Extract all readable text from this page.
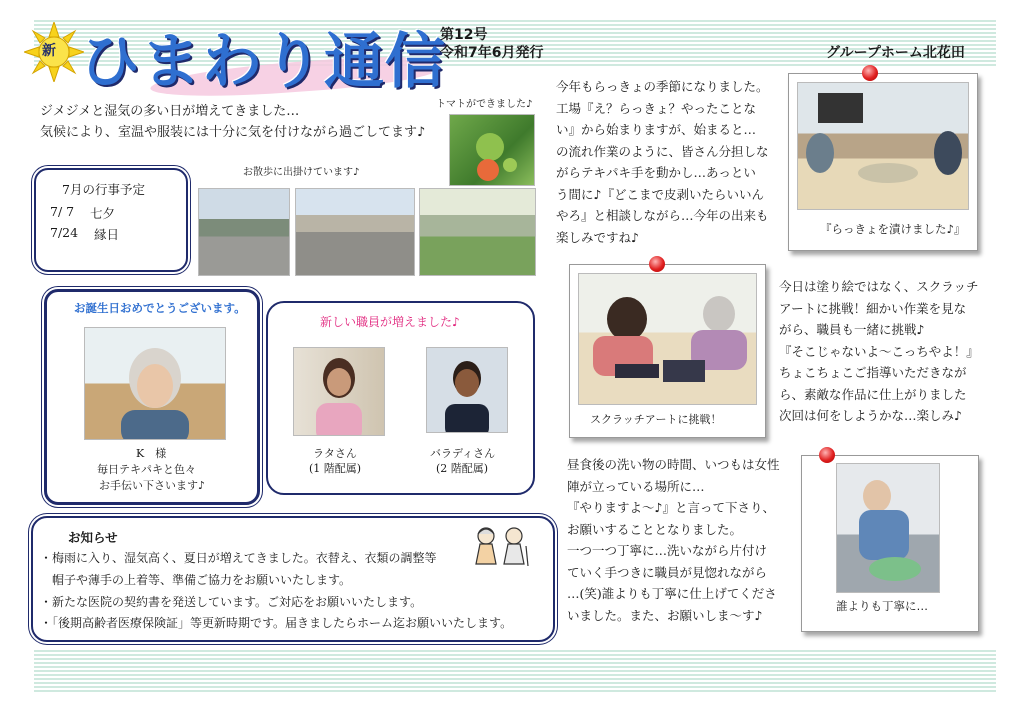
新 ひまわり通信
第12号
令和7年6月発行	グループホーム北花田
ジメジメと湿気の多い日が増えてきました…
気候により、室温や服装には十分に気を付けながら過ごしてます♪
トマトができました♪
お散歩に出掛けています♪
7月の行事予定
7/ 7 七夕
7/24 縁日
お誕生日おめでとうございます。
K　様
毎日テキパキと色々
お手伝い下さいます♪
新しい職員が増えました♪
ラタさん
(1 階配属)
バラディさん
(2 階配属)
お知らせ
・梅雨に入り、湿気高く、夏日が増えてきました。衣替え、衣類の調整等
　帽子や薄手の上着等、準備ご協力をお願いいたします。
・新たな医院の契約書を発送しています。ご対応をお願いいたします。
・「後期高齢者医療保険証」等更新時期です。届きましたらホーム迄お願いいたします。
今年もらっきょの季節になりました。
工場『え？らっきょ？やったことな
い』から始まりますが、始まると…
の流れ作業のように、皆さん分担しな
がらテキパキ手を動かし…あっとい
う間に♪『どこまで皮剥いたらいいん
やろ』と相談しながら…今年の出来も
楽しみですね♪
『らっきょを漬けました♪』
スクラッチアートに挑戦！
今日は塗り絵ではなく、スクラッチ
アートに挑戦！細かい作業を見な
がら、職員も一緒に挑戦♪
『そこじゃないよ～こっちやよ！』
ちょこちょこご指導いただきなが
ら、素敵な作品に仕上がりました
次回は何をしようかな…楽しみ♪
昼食後の洗い物の時間、いつもは女性
陣が立っている場所に…
『やりますよ～♪』と言って下さり、
お願いすることとなりました。
一つ一つ丁寧に…洗いながら片付け
ていく手つきに職員が見惚れながら
…(笑)誰よりも丁寧に仕上げてくださ
いました。また、お願いしま～す♪
誰よりも丁寧に…
